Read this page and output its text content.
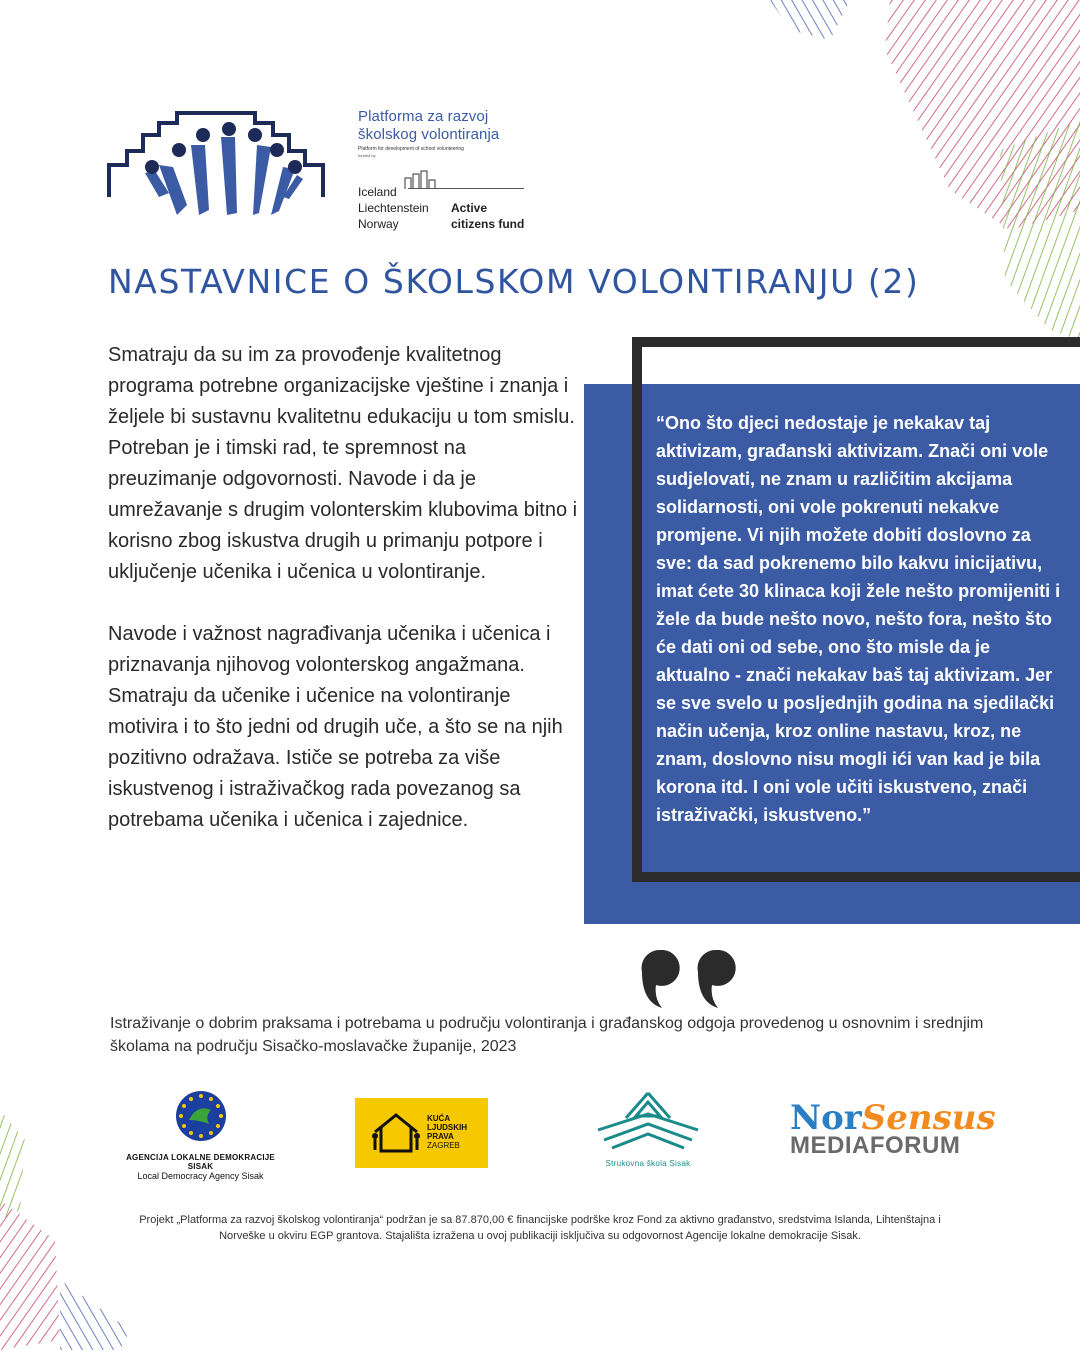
Platforma za razvoj
školskog volontiranja
Platform for development of school volunteering
funded by
Iceland
Liechtenstein
Norway
Active
citizens fund
NASTAVNICE O ŠKOLSKOM VOLONTIRANJU (2)

Smatraju da su im za provođenje kvalitetnog programa potrebne organizacijske vještine i znanja i željele bi sustavnu kvalitetnu edukaciju u tom smislu. Potreban je i timski rad, te spremnost na preuzimanje odgovornosti. Navode i da je umrežavanje s drugim volonterskim klubovima bitno i korisno zbog iskustva drugih u primanju potpore i uključenje učenika i učenica u volontiranje.

Navode i važnost nagrađivanja učenika i učenica i priznavanja njihovog volonterskog angažmana. Smatraju da učenike i učenice na volontiranje motivira i to što jedni od drugih uče, a što se na njih pozitivno odražava. Ističe se potreba za više iskustvenog i istraživačkog rada povezanog sa potrebama učenika i učenica i zajednice.

“Ono što djeci nedostaje je nekakav taj aktivizam, građanski aktivizam. Znači oni vole sudjelovati, ne znam u različitim akcijama solidarnosti, oni vole pokrenuti nekakve promjene. Vi njih možete dobiti doslovno za sve: da sad pokrenemo bilo kakvu inicijativu, imat ćete 30 klinaca koji žele nešto promijeniti i žele da bude nešto novo, nešto fora, nešto što će dati oni od sebe, ono što misle da je aktualno - znači nekakav baš taj aktivizam. Jer se sve svelo u posljednjih godina na sjedilački način učenja, kroz online nastavu, kroz, ne znam, doslovno nisu mogli ići van kad je bila korona itd. I oni vole učiti iskustveno, znači istraživački, iskustveno.”
Istraživanje o dobrim praksama i potrebama u području volontiranja i građanskog odgoja provedenog u osnovnim i srednjim školama na području Sisačko-moslavačke županije, 2023
AGENCIJA LOKALNE DEMOKRACIJE SISAK
Local Democracy Agency Sisak
KUĆA
LJUDSKIH
PRAVA
ZAGREB
Strukovna škola Sisak
NorSensus
MEDIAFORUM
Projekt „Platforma za razvoj školskog volontiranja“ podržan je sa 87.870,00 € financijske podrške kroz Fond za aktivno građanstvo, sredstvima Islanda, Lihtenštajna i Norveške u okviru EGP grantova. Stajališta izražena u ovoj publikaciji isključiva su odgovornost Agencije lokalne demokracije Sisak.
